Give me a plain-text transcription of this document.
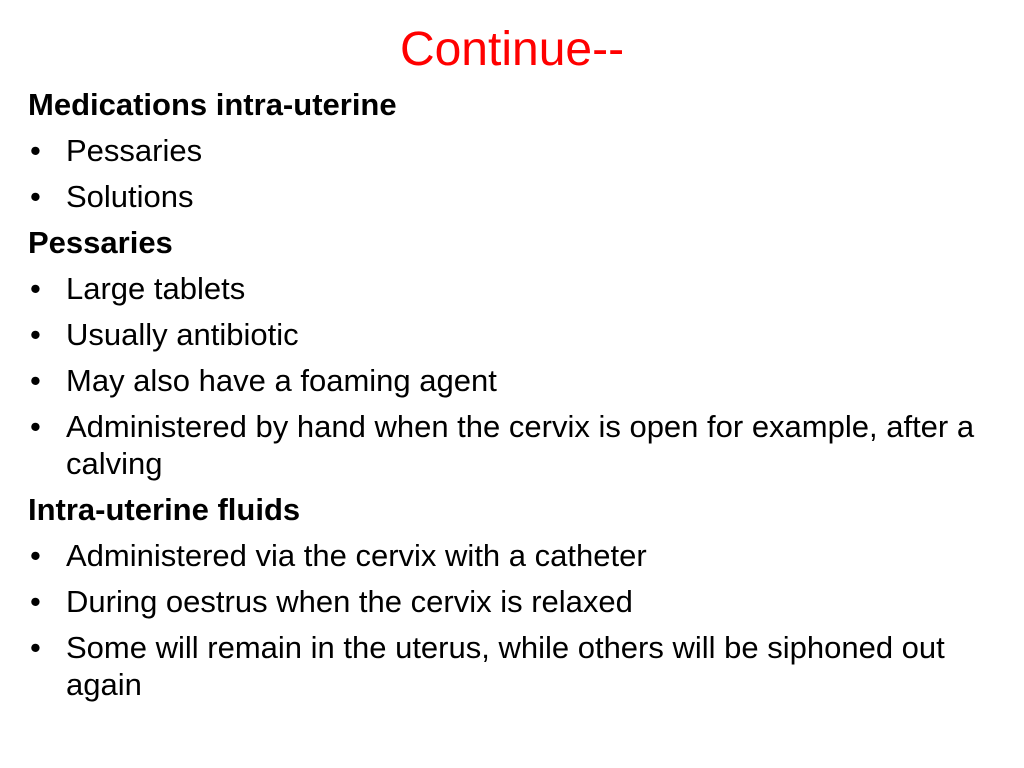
Continue--
Medications intra-uterine
• Pessaries
• Solutions
Pessaries
• Large tablets
• Usually antibiotic
• May also have a foaming agent
• Administered by hand when the cervix is open for example, after a calving
Intra-uterine fluids
• Administered via the cervix with a catheter
• During oestrus when the cervix is relaxed
• Some will remain in the uterus, while others will be siphoned out again
